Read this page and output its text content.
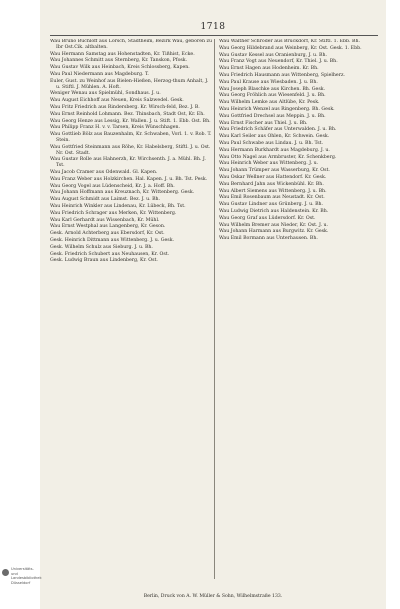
1718
Wau Bruno Buchloff aus Lorsch, Stadtheim, Bezirk Wau, geboren zu Ibr Ost.Cik. altbalten.
Wau Hermann Samstag aus Hohenstadten, Kr. Tißhist, Ecke.
Wau Johannes Schmitt aus Sternberg, Kr. Tanskon, Pfosk.
Wau Gustav Wilk aus Heinbach, Kreis Schlossberg, Kapen.
Wau Paul Niedermann aus Magdeburg. T.
Euler, Gust. zu Weinhof aus Bielen-Hießen, Herzog-thum Anhalt, J. u. Stiftl. J. Mühlen. A. Hoft.
Weniger Wenau aus Spielmühl, Sondhaus. J. u.
Wau August Eichhoff aus Neuen, Kreis Salzwedel. Gesk.
Wau Fritz Friedrich aus Rindersberg. Kr. Wirsch-feld, Bez. J. B.
Wau Ernst Reinhold Lohmann. Bez. Thinsbach, Stadt Ost, Kr. Eh.
Wau Georg Henze aus Lessig, Kr. Wallen. J. u. Stift. 1. Ebb. Ost. Bh.
Wau Philipp Franz H. v. v. Tarsen, Kreis Wünschhagen.
Wau Gottlieb Bölz aus Bauzenhalm, Kr. Schwaben, Vorl. 1. v. Rob. T. Stein.
Wau Gottfried Steinmann aus Röhe, Kr. Habelsberg, Stiftl. J. u. Ost. Nr. Ost. Stadt.
Wau Gustav Rolle aus Hahnerzh, Kr. Wirchsenth. J. a. Mühl. Bh. J. Tst.
Wau Jacob Cramer aus Odenwald. Gl. Kapen.
Wau Franz Weber aus Holzkirchen. Hal. Kapen. J. u. Bh. Tst. Pesk.
Wau Georg Vogel aus Lüdenscheid, Kr. J. a. Hoff. Bh.
Wau Johann Hoffmann aus Kreuznach, Kr. Wittenberg. Gesk.
Wau August Schmidt aus Laimst. Bez. J. u. Bh.
Wau Heinrich Winkler aus Lindenau, Kr. Lübeck, Bh. Tst.
Wau Friedrich Schrager aus Merken, Kr. Wittenberg.
Wau Karl Gerhardt aus Wissenbach, Kr. Mühl.
Wau Ernst Westphal aus Langenberg, Kr. Geson.
Gesk. Arnold Achterberg aus Ebersdorf, Kr. Ost.
Gesk. Heinrich Dittmann aus Wittenberg. J. u. Gesk.
Gesk. Wilhelm Schulz aus Sieburg. J. u. Bh.
Gesk. Friedrich Schubert aus Neuhausen, Kr. Ost.
Gesk. Ludwig Braun aus Lindenberg, Kr. Ost.
Wau Walther Schröder aus Bruckdorf, Kr. Stiftl. 1. Ebb. Bh.
Wau Georg Hildebrand aus Weinberg, Kr. Ost. Gesk. 1. Ebb.
Wau Gustav Kessel aus Oranienburg, J. u. Bh.
Wau Franz Vogt aus Neuendorf, Kr. Thiel. J. u. Bh.
Wau Ernst Hagen aus Hodenheim. Kr. Bh.
Wau Friedrich Hausmann aus Wittenberg, Spielherz.
Wau Paul Krause aus Wiesbaden. J. u. Bh.
Wau Joseph Blaschke aus Kirchen. Bh. Gesk.
Wau Georg Fröhlich aus Wiesenfeld. J. u. Bh.
Wau Wilhelm Lemke aus Altlübe, Kr. Pesk.
Wau Heinrich Wenzel aus Ringenberg. Bh. Gesk.
Wau Gottfried Drechsel aus Meppin. J. u. Bh.
Wau Ernst Fischer aus Thiel. J. u. Bh.
Wau Friedrich Schäfer aus Unterwalden. J. u. Bh.
Wau Karl Seiler aus Ohlen, Kr. Schwein. Gesk.
Wau Paul Schwabe aus Lindau. J. u. Bh. Tst.
Wau Hermann Burkhardt aus Magdeburg. J. u.
Wau Otto Nagel aus Armbruster, Kr. Schenkberg.
Wau Heinrich Weber aus Wittenberg. J. u.
Wau Johann Trümper aus Wasserburg, Kr. Ost.
Wau Oskar Wellner aus Hattendorf. Kr. Gesk.
Wau Bernhard Jahn aus Wickenbühl. Kr. Bh.
Wau Albert Siemens aus Wittenberg. J. u. Bh.
Wau Emil Rosenbaum aus Neustadt. Kr. Ost.
Wau Gustav Lindner aus Grünberg. J. u. Bh.
Wau Ludwig Dietrich aus Haldenstein. Kr. Bh.
Wau Georg Graf aus Lüdersdorf. Kr. Ost.
Wau Wilhelm Bremer aus Nieder, Kr. Ost. J. u.
Wau Johann Harmann aus Burgwitz. Kr. Gesk.
Wau Emil Bormann aus Unterhausen. Bh.
Berlin, Druck von A. W. Müller & Sohn, Wilhelmstraße 133.
Universitäts- und
Landesbibliothek Düsseldorf
